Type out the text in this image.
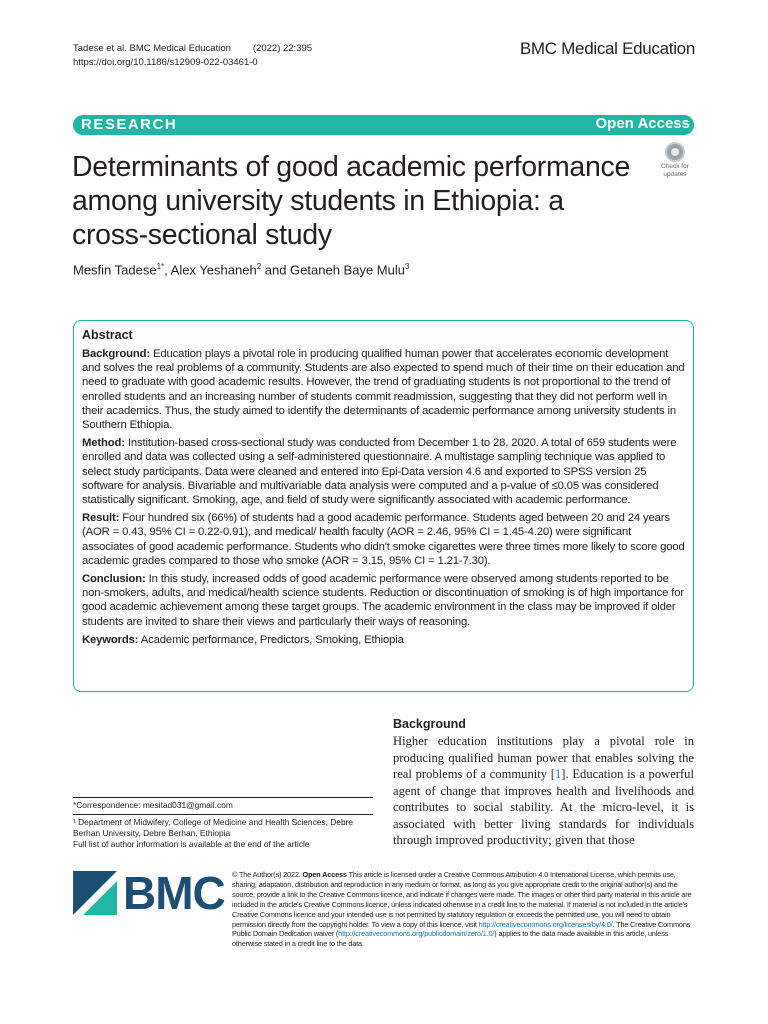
Tadese et al. BMC Medical Education (2022) 22:395
https://doi.org/10.1186/s12909-022-03461-0
BMC Medical Education
RESEARCH	Open Access
Check for
updates
Determinants of good academic performance among university students in Ethiopia: a cross-sectional study
Mesfin Tadese$^{1*}$, Alex Yeshaneh$^2$ and Getaneh Baye Mulu$^3$
Abstract

Background: Education plays a pivotal role in producing qualified human power that accelerates economic development and solves the real problems of a community. Students are also expected to spend much of their time on their education and need to graduate with good academic results. However, the trend of graduating students is not proportional to the trend of enrolled students and an increasing number of students commit readmission, suggesting that they did not perform well in their academics. Thus, the study aimed to identify the determinants of academic performance among university students in Southern Ethiopia.

Method: Institution-based cross-sectional study was conducted from December 1 to 28, 2020. A total of 659 students were enrolled and data was collected using a self-administered questionnaire. A multistage sampling technique was applied to select study participants. Data were cleaned and entered into Epi-Data version 4.6 and exported to SPSS version 25 software for analysis. Bivariable and multivariable data analysis were computed and a p-value of ≤0.05 was considered statistically significant. Smoking, age, and field of study were significantly associated with academic performance.

Result: Four hundred six (66%) of students had a good academic performance. Students aged between 20 and 24 years (AOR = 0.43, 95% CI = 0.22-0.91), and medical/ health faculty (AOR = 2.46, 95% CI = 1.45-4.20) were significant associates of good academic performance. Students who didn't smoke cigarettes were three times more likely to score good academic grades compared to those who smoke (AOR = 3.15, 95% CI = 1.21-7.30).

Conclusion: In this study, increased odds of good academic performance were observed among students reported to be non-smokers, adults, and medical/health science students. Reduction or discontinuation of smoking is of high importance for good academic achievement among these target groups. The academic environment in the class may be improved if older students are invited to share their views and particularly their ways of reasoning.

Keywords: Academic performance, Predictors, Smoking, Ethiopia

Background

Higher education institutions play a pivotal role in producing qualified human power that enables solving the real problems of a community [1]. Education is a powerful agent of change that improves health and livelihoods and contributes to social stability. At the micro-level, it is associated with better living standards for individuals through improved productivity; given that those

*Correspondence: mesitad031@gmail.com
¹ Department of Midwifery, College of Medicine and Health Sciences, Debre Berhan University, Debre Berhan, Ethiopia
Full list of author information is available at the end of the article
BMC © The Author(s) 2022. Open Access This article is licensed under a Creative Commons Attribution 4.0 International License, which permits use, sharing, adaptation, distribution and reproduction in any medium or format, as long as you give appropriate credit to the original author(s) and the source, provide a link to the Creative Commons licence, and indicate if changes were made. The images or other third party material in this article are included in the article's Creative Commons licence, unless indicated otherwise in a credit line to the material. If material is not included in the article's Creative Commons licence and your intended use is not permitted by statutory regulation or exceeds the permitted use, you will need to obtain permission directly from the copyright holder. To view a copy of this licence, visit http://creativecommons.org/licenses/by/4.0/. The Creative Commons Public Domain Dedication waiver (http://creativecommons.org/publicdomain/zero/1.0/) applies to the data made available in this article, unless otherwise stated in a credit line to the data.
